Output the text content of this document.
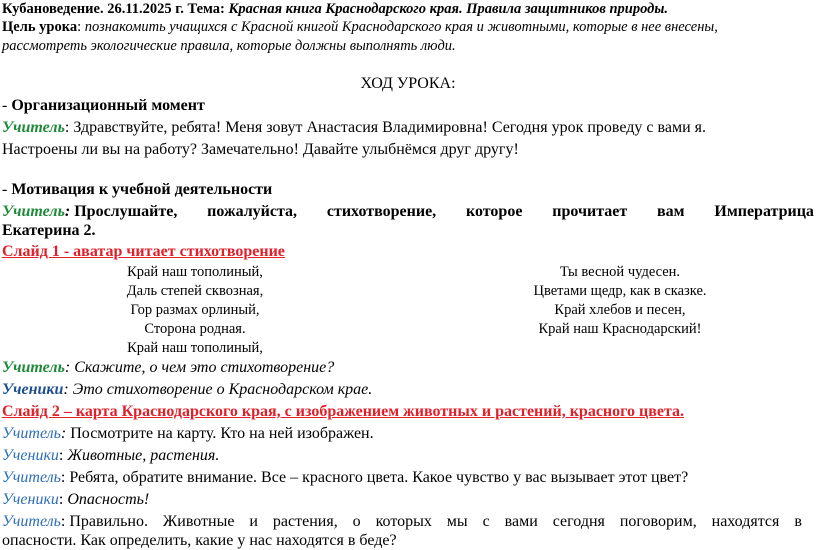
Кубановедение. 26.11.2025 г. Тема: Красная книга Краснодарского края. Правила защитников природы.
Цель урока: познакомить учащихся с Красной книгой Краснодарского края и животными, которые в нее внесены,
рассмотреть экологические правила, которые должны выполнять люди.
ХОД УРОКА:
- Организационный момент
Учитель: Здравствуйте, ребята! Меня зовут Анастасия Владимировна! Сегодня урок проведу с вами я.
Настроены ли вы на работу? Замечательно! Давайте улыбнёмся друг другу!
- Мотивация к учебной деятельности
Учитель: Прослушайте, пожалуйста, стихотворение, которое прочитает вам Императрица
Екатерина 2.
Слайд 1 - аватар читает стихотворение
Край наш тополиный,
Даль степей сквозная,
Гор размах орлиный,
Сторона родная.
Край наш тополиный,
Ты весной чудесен.
Цветами щедр, как в сказке.
Край хлебов и песен,
Край наш Краснодарский!
Учитель: Скажите, о чем это стихотворение?
Ученики: Это стихотворение о Краснодарском крае.
Слайд 2 – карта Краснодарского края, с изображением животных и растений, красного цвета.
Учитель: Посмотрите на карту. Кто на ней изображен.
Ученики: Животные, растения.
Учитель: Ребята, обратите внимание. Все – красного цвета. Какое чувство у вас вызывает этот цвет?
Ученики: Опасность!
Учитель: Правильно. Животные и растения, о которых мы с вами сегодня поговорим, находятся в
опасности. Как определить, какие у нас находятся в беде?
